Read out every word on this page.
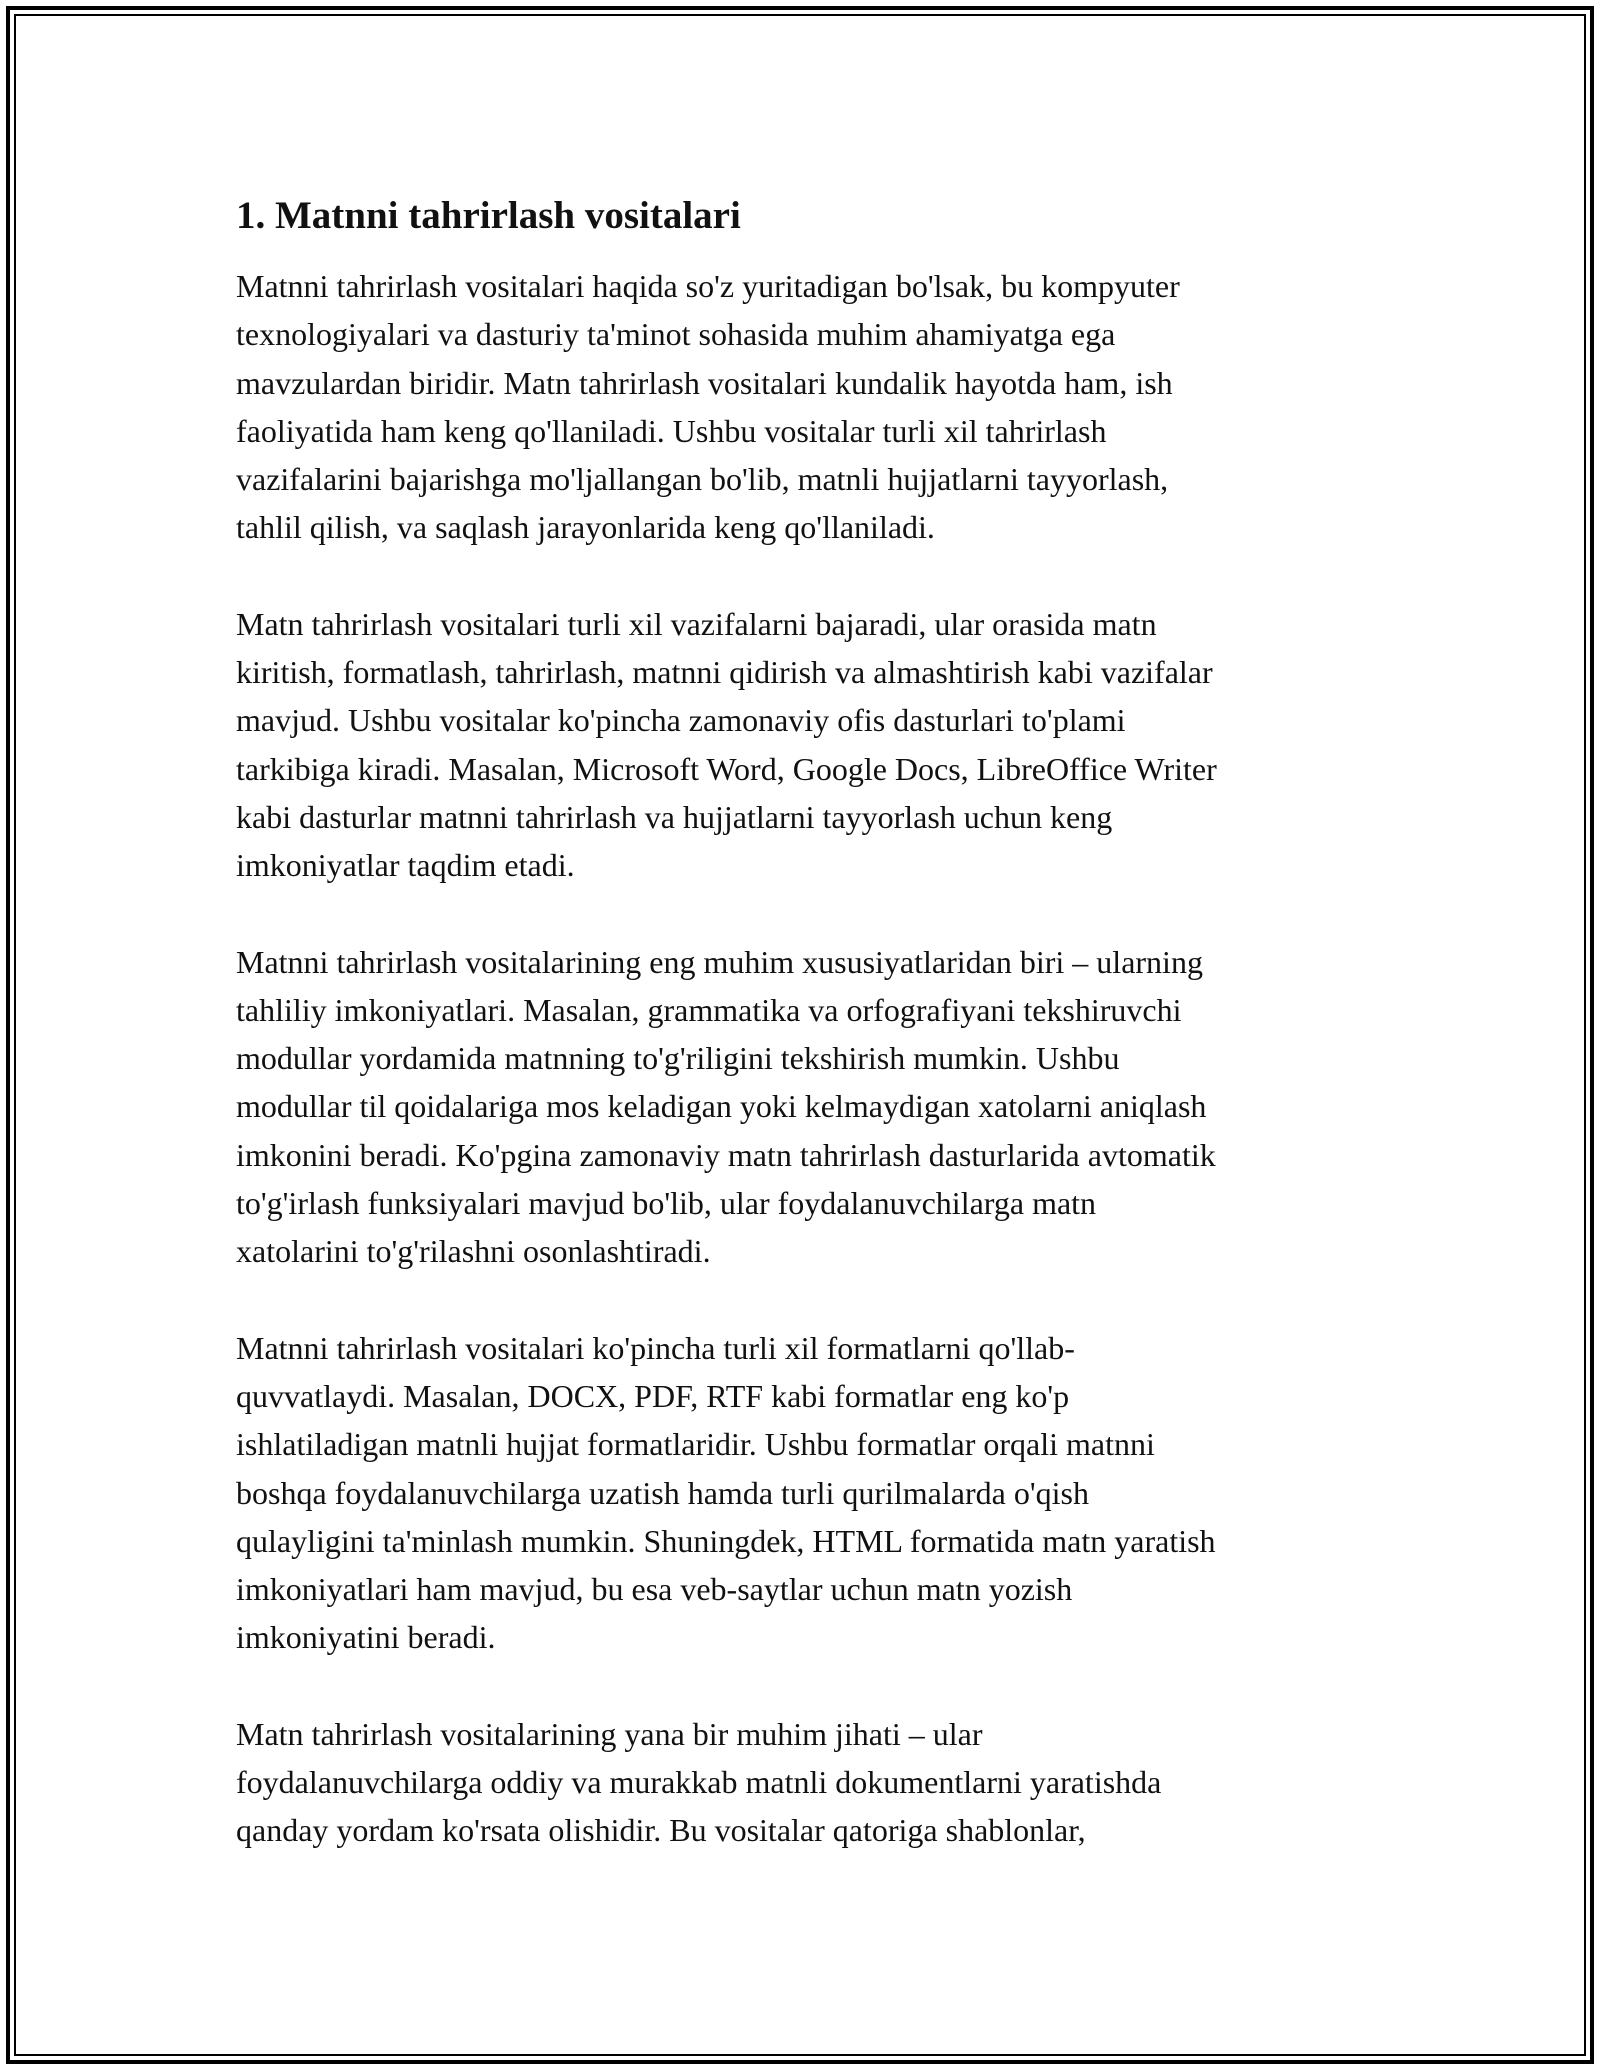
1. Matnni tahrirlash vositalari
Matnni tahrirlash vositalari haqida so'z yuritadigan bo'lsak, bu kompyuter
texnologiyalari va dasturiy ta'minot sohasida muhim ahamiyatga ega
mavzulardan biridir. Matn tahrirlash vositalari kundalik hayotda ham, ish
faoliyatida ham keng qo'llaniladi. Ushbu vositalar turli xil tahrirlash
vazifalarini bajarishga mo'ljallangan bo'lib, matnli hujjatlarni tayyorlash,
tahlil qilish, va saqlash jarayonlarida keng qo'llaniladi.
Matn tahrirlash vositalari turli xil vazifalarni bajaradi, ular orasida matn
kiritish, formatlash, tahrirlash, matnni qidirish va almashtirish kabi vazifalar
mavjud. Ushbu vositalar ko'pincha zamonaviy ofis dasturlari to'plami
tarkibiga kiradi. Masalan, Microsoft Word, Google Docs, LibreOffice Writer
kabi dasturlar matnni tahrirlash va hujjatlarni tayyorlash uchun keng
imkoniyatlar taqdim etadi.
Matnni tahrirlash vositalarining eng muhim xususiyatlaridan biri – ularning
tahliliy imkoniyatlari. Masalan, grammatika va orfografiyani tekshiruvchi
modullar yordamida matnning to'g'riligini tekshirish mumkin. Ushbu
modullar til qoidalariga mos keladigan yoki kelmaydigan xatolarni aniqlash
imkonini beradi. Ko'pgina zamonaviy matn tahrirlash dasturlarida avtomatik
to'g'irlash funksiyalari mavjud bo'lib, ular foydalanuvchilarga matn
xatolarini to'g'rilashni osonlashtiradi.
Matnni tahrirlash vositalari ko'pincha turli xil formatlarni qo'llab-
quvvatlaydi. Masalan, DOCX, PDF, RTF kabi formatlar eng ko'p
ishlatiladigan matnli hujjat formatlaridir. Ushbu formatlar orqali matnni
boshqa foydalanuvchilarga uzatish hamda turli qurilmalarda o'qish
qulayligini ta'minlash mumkin. Shuningdek, HTML formatida matn yaratish
imkoniyatlari ham mavjud, bu esa veb-saytlar uchun matn yozish
imkoniyatini beradi.
Matn tahrirlash vositalarining yana bir muhim jihati – ular
foydalanuvchilarga oddiy va murakkab matnli dokumentlarni yaratishda
qanday yordam ko'rsata olishidir. Bu vositalar qatoriga shablonlar,
